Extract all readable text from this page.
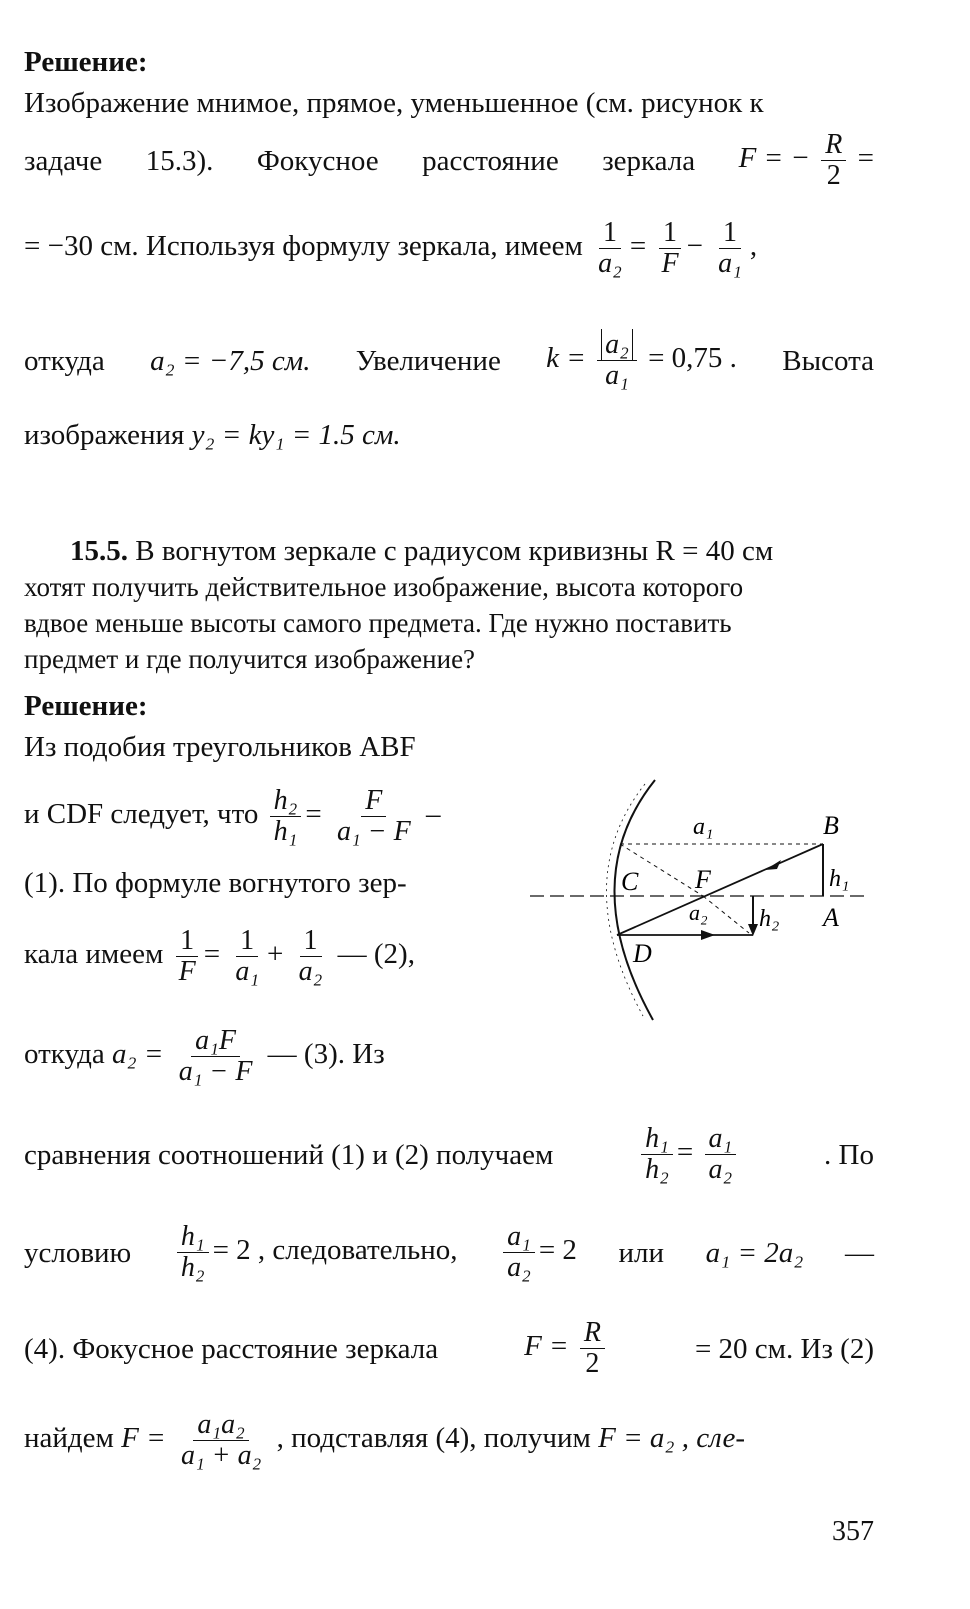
Решение:
Изображение мнимое, прямое, уменьшенное (см. рисунок к
задаче 15.3). Фокусное расстояние зеркала F = − $\frac{R}{2}$ =
= −30 см. Используя формулу зеркала, имеем $\frac{1}{\text{a₂}} = \frac{1}{F} - \frac{1}{\text{a₁}}$ ,
откуда a₂ = −7,5 см. Увеличение $k = \frac{\text{a₂}}{\text{a₁}} = 0,75$ . Высота
изображения y₂ = ky₁ = 1.5 см.
15.5. В вогнутом зеркале с радиусом кривизны R = 40 см
хотят получить действительное изображение, высота которого
вдвое меньше высоты самого предмета. Где нужно поставить
предмет и где получится изображение?
Решение:
Из подобия треугольников ABF
и CDF следует, что $\frac{\text{h₂}}{\text{h₁}} = \frac{F}{\text{a₁ − F}}$ –
(1). По формуле вогнутого зер-
кала имеем $\frac{1}{F} = \frac{1}{\text{a₁}} + \frac{1}{\text{a₂}}$ — (2),
откуда $a_2 = \frac{\text{a₁F}}{\text{a₁ − F}}$ — (3). Из
a₁	B
C F	h₁
a₂ h₂ A
D
сравнения соотношений (1) и (2) получаем	$\frac{\text{h₁}}{\text{h₂}} = \frac{\text{a₁}}{\text{a₂}}$	. По
условию $\frac{\text{h₁}}{\text{h₂}} = 2$ , следовательно, $\frac{\text{a₁}}{\text{a₂}} = 2$ или a₁ = 2a₂ —
(4). Фокусное расстояние зеркала	$F = \frac{R}{2}$	= 20 см. Из (2)
найдем $F = \frac{\text{a₁a₂}}{\text{a₁ + a₂}}$ , подставляя (4), получим F = a₂ , сле-
357
